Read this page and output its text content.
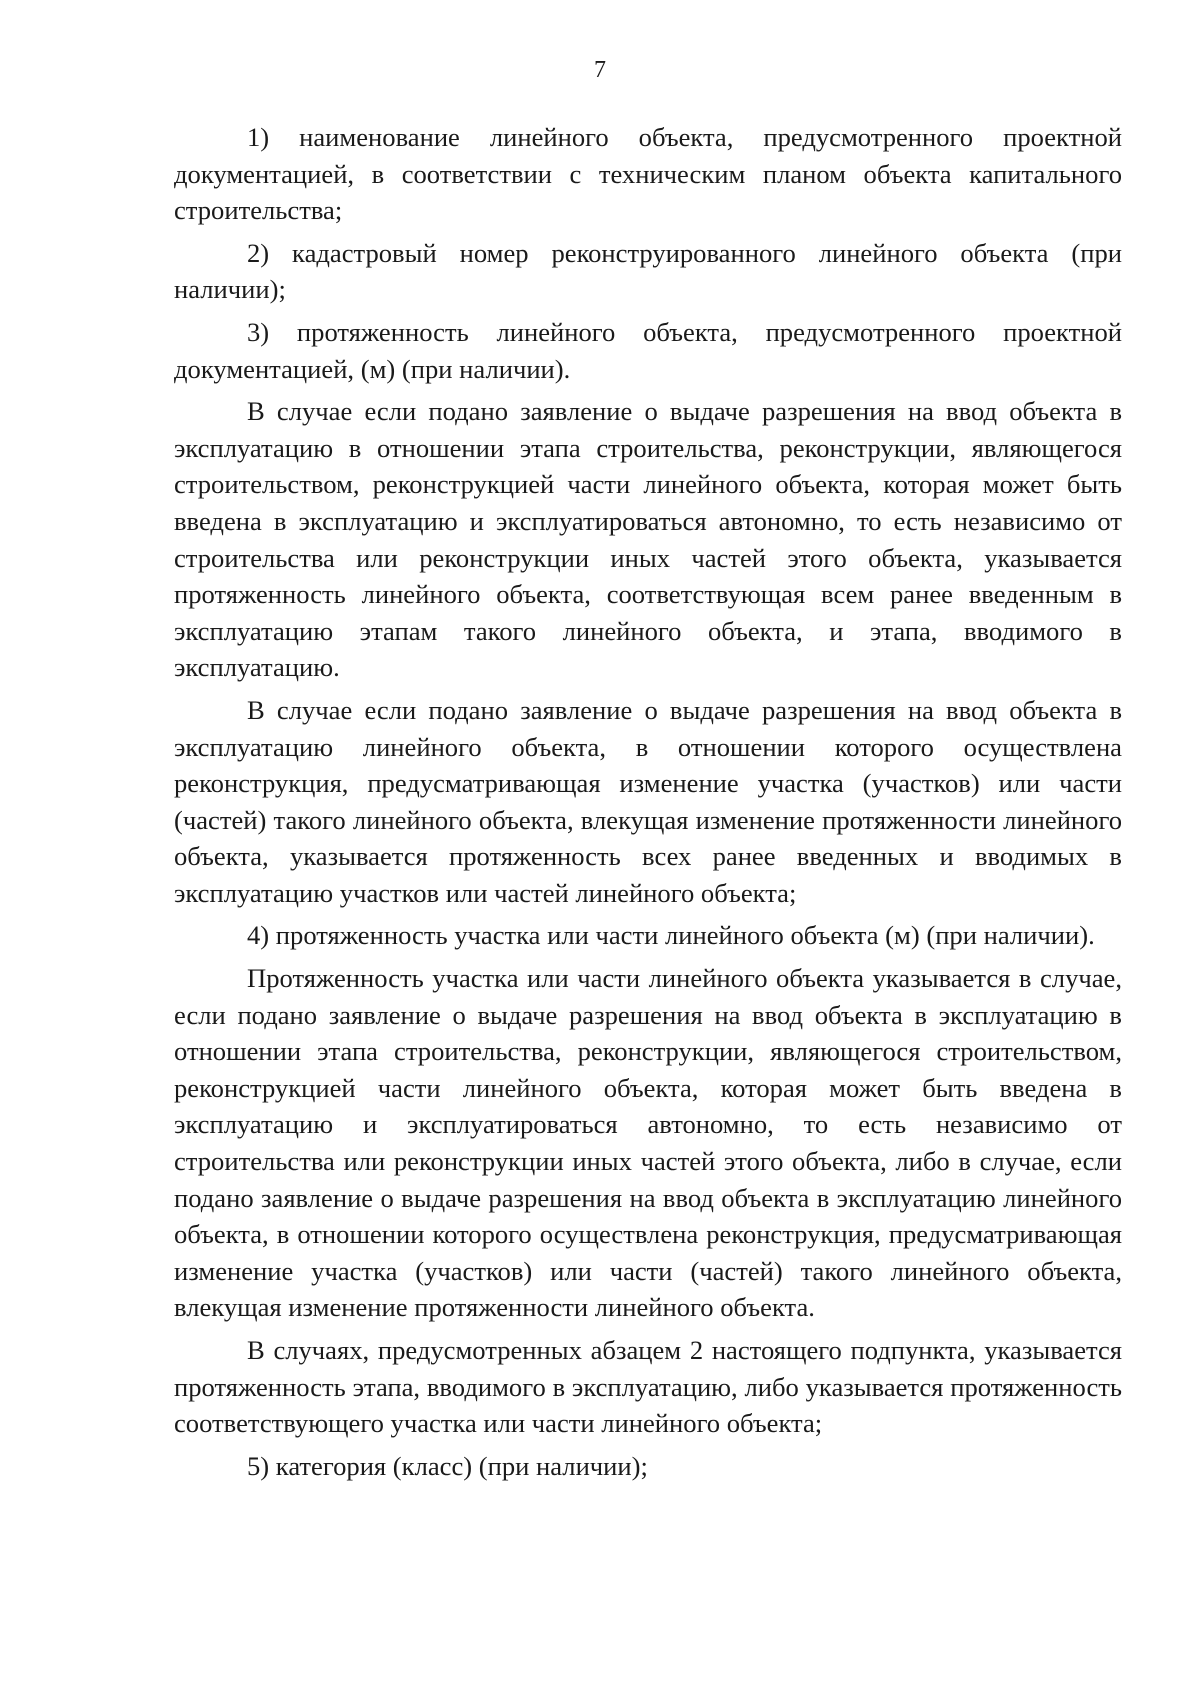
7

1) наименование линейного объекта, предусмотренного проектной документацией, в соответствии с техническим планом объекта капитального строительства;

2) кадастровый номер реконструированного линейного объекта (при наличии);

3) протяженность линейного объекта, предусмотренного проектной документацией, (м) (при наличии).

В случае если подано заявление о выдаче разрешения на ввод объекта в эксплуатацию в отношении этапа строительства, реконструкции, являющегося строительством, реконструкцией части линейного объекта, которая может быть введена в эксплуатацию и эксплуатироваться автономно, то есть независимо от строительства или реконструкции иных частей этого объекта, указывается протяженность линейного объекта, соответствующая всем ранее введенным в эксплуатацию этапам такого линейного объекта, и этапа, вводимого в эксплуатацию.

В случае если подано заявление о выдаче разрешения на ввод объекта в эксплуатацию линейного объекта, в отношении которого осуществлена реконструкция, предусматривающая изменение участка (участков) или части (частей) такого линейного объекта, влекущая изменение протяженности линейного объекта, указывается протяженность всех ранее введенных и вводимых в эксплуатацию участков или частей линейного объекта;

4) протяженность участка или части линейного объекта (м) (при наличии).

Протяженность участка или части линейного объекта указывается в случае, если подано заявление о выдаче разрешения на ввод объекта в эксплуатацию в отношении этапа строительства, реконструкции, являющегося строительством, реконструкцией части линейного объекта, которая может быть введена в эксплуатацию и эксплуатироваться автономно, то есть независимо от строительства или реконструкции иных частей этого объекта, либо в случае, если подано заявление о выдаче разрешения на ввод объекта в эксплуатацию линейного объекта, в отношении которого осуществлена реконструкция, предусматривающая изменение участка (участков) или части (частей) такого линейного объекта, влекущая изменение протяженности линейного объекта.

В случаях, предусмотренных абзацем 2 настоящего подпункта, указывается протяженность этапа, вводимого в эксплуатацию, либо указывается протяженность соответствующего участка или части линейного объекта;

5) категория (класс) (при наличии);
